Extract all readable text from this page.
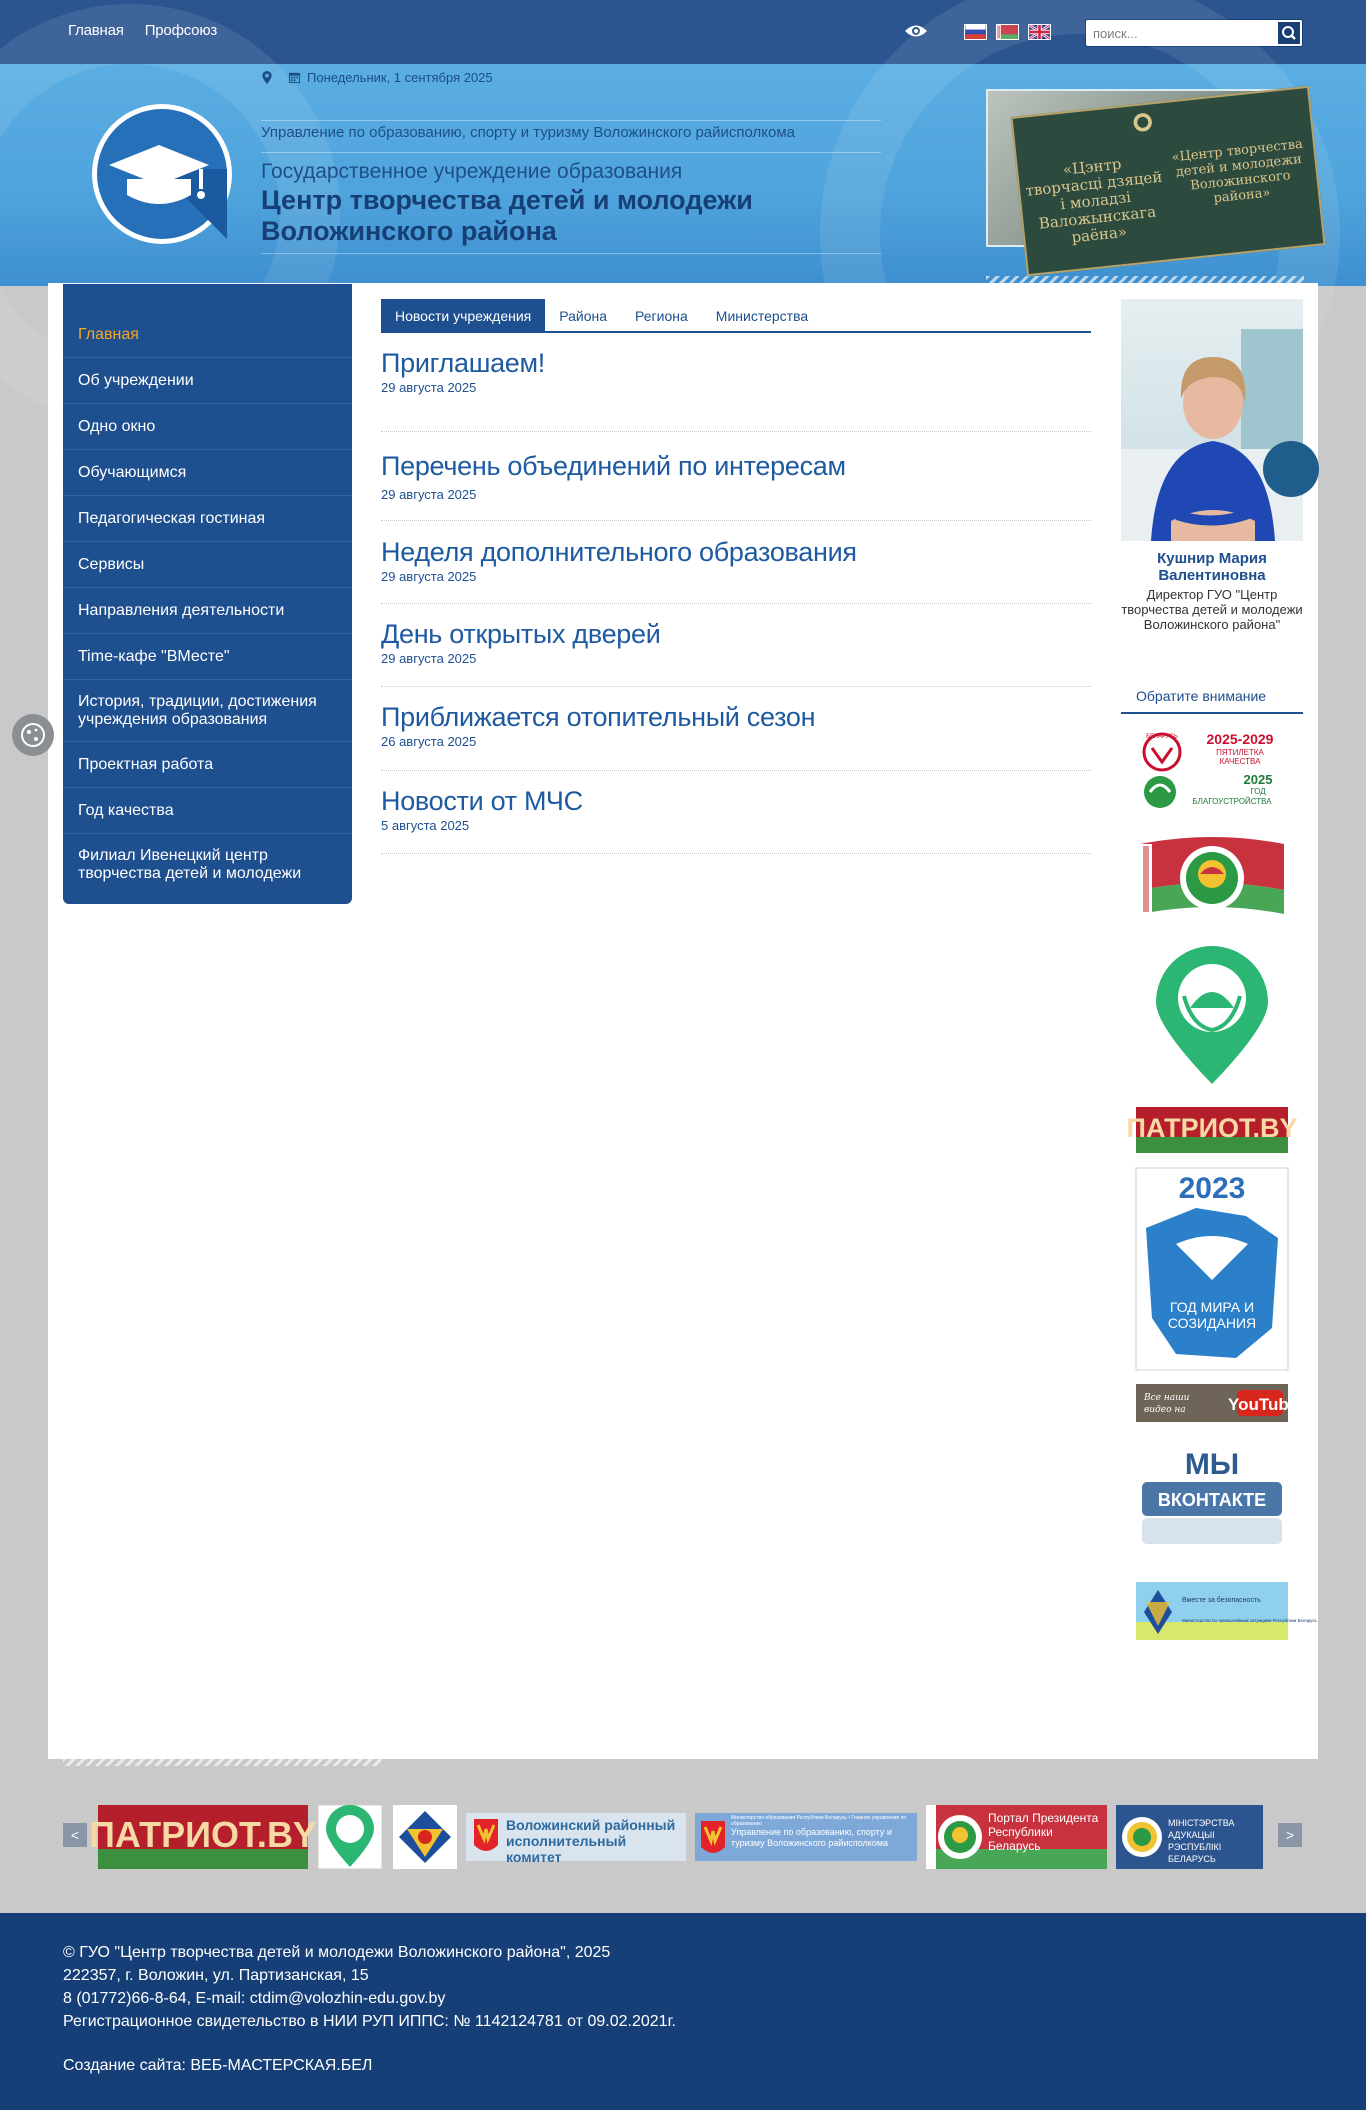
Главная Профсоюз
поиск...
Понедельник, 1 сентября 2025
Управление по образованию, спорту и туризму Воложинского райисполкома
Государственное учреждение образования
Центр творчества детей и молодежи Воложинского района
«Цэнтр творчасці дзяцей і моладзі Валожынскага раёна»
«Центр творчества детей и молодежи Воложинского района»
Главная
Об учреждении
Одно окно
Обучающимся
Педагогическая гостиная
Сервисы
Направления деятельности
Time-кафе "ВМесте"
История, традиции, достижения учреждения образования
Проектная работа
Год качества
Филиал Ивенецкий центр творчества детей и молодежи
Новости учреждения	Района	Региона	Министерства
Приглашаем!
29 августа 2025
Перечень объединений по интересам
29 августа 2025
Неделя дополнительного образования
29 августа 2025
День открытых дверей
29 августа 2025
Приближается отопительный сезон
26 августа 2025
Новости от МЧС
5 августа 2025
Кушнир Мария Валентиновна
Директор ГУО "Центр творчества детей и молодежи Воложинского района"
Обратите внимание
БЕЛАРУСЬ 2025-2029
ПЯТИЛЕТКА
КАЧЕСТВА
2025
ГОД
БЛАГОУСТРОЙСТВА
ПАТРИОТ.BY
2023
ГОД МИРА И
СОЗИДАНИЯ
Все наши
видео на YouTube
МЫ
ВКОНТАКТЕ
Вместе за безопасность
Министерство по чрезвычайным ситуациям Республики Беларусь
< ПАТРИОТ.BY	Воложинский районный исполнительный комитет
Министерство образования Республики Беларусь • Главное управление по образованию
Управление по образованию, спорту и туризму Воложинского райисполкома
Портал Президента Республики Беларусь
МІНІСТЭРСТВА АДУКАЦЫІ РЭСПУБЛІКІ БЕЛАРУСЬ
>
© ГУО "Центр творчества детей и молодежи Воложинского района", 2025
222357, г. Воложин, ул. Партизанская, 15
8 (01772)66-8-64, E-mail: ctdim@volozhin-edu.gov.by
Регистрационное свидетельство в НИИ РУП ИППС: № 1142124781 от 09.02.2021г.
Создание сайта: ВЕБ-МАСТЕРСКАЯ.БЕЛ
